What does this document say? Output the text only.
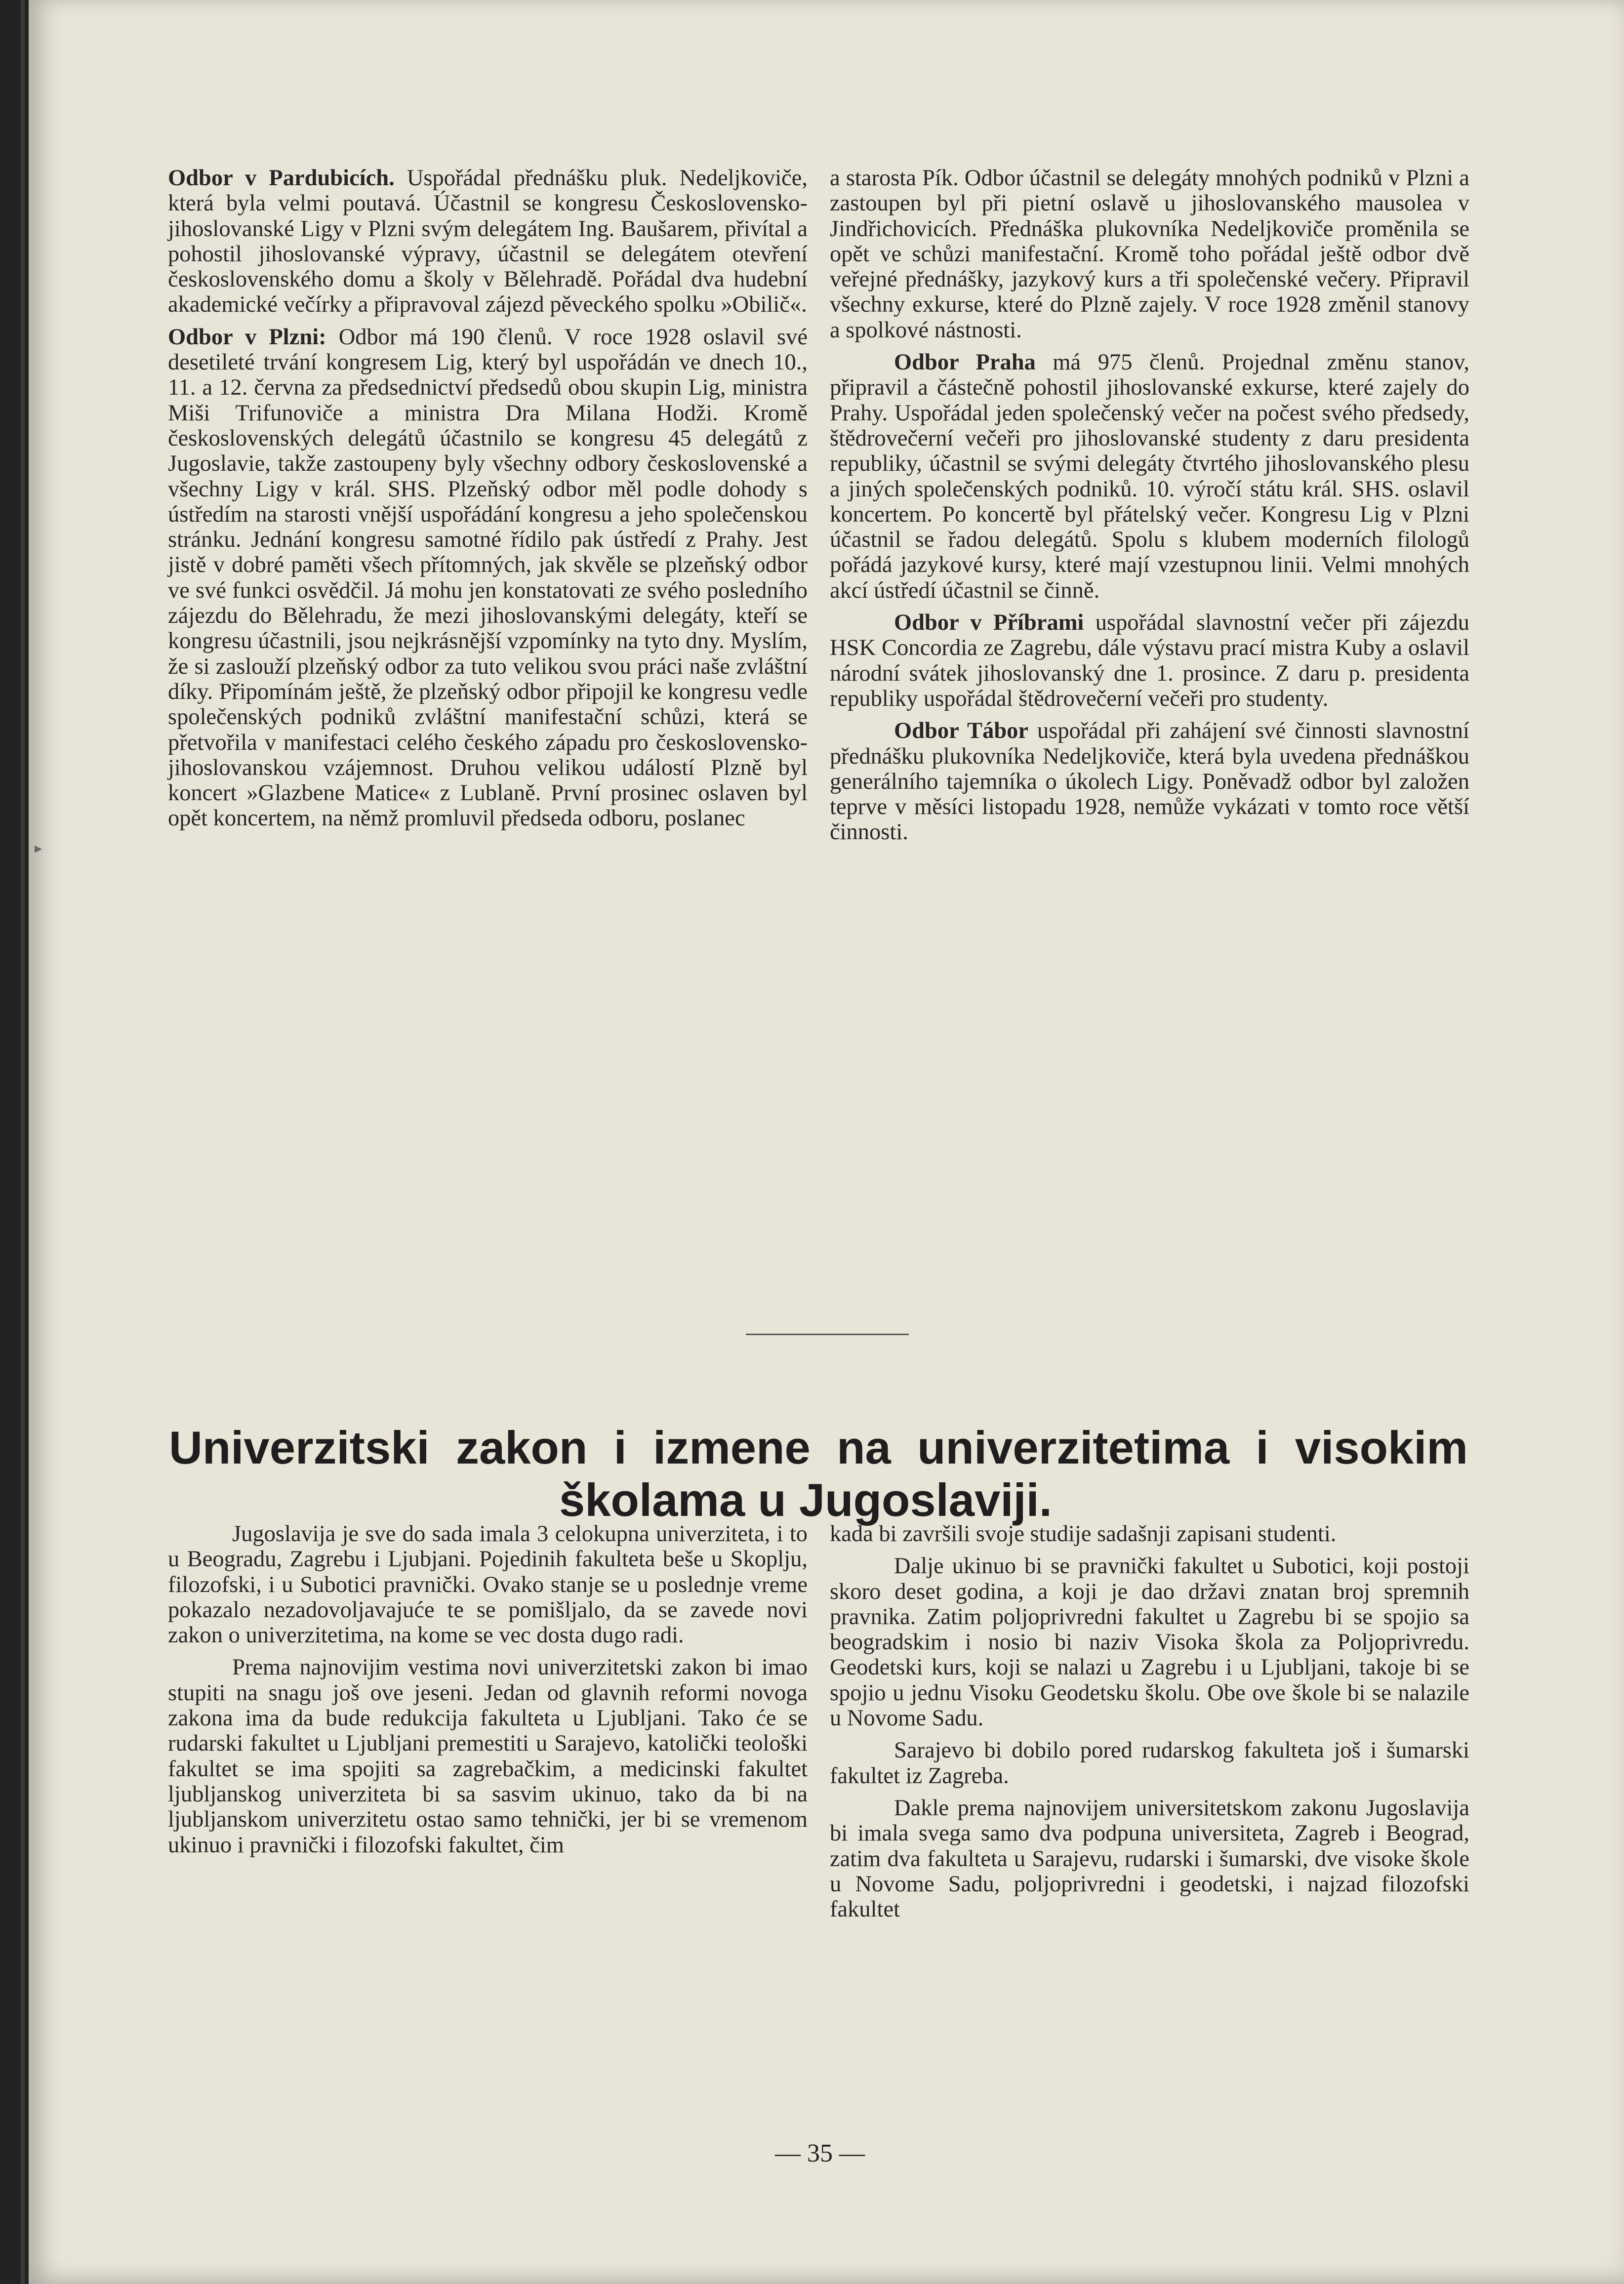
▸

Odbor v Pardubicích. Uspořádal přednášku pluk. Nedeljkoviče, která byla velmi poutavá. Účastnil se kongresu Československo-jihoslovanské Ligy v Plzni svým delegátem Ing. Baušarem, přivítal a pohostil jihoslovanské výpravy, účastnil se delegátem otevření československého domu a školy v Bělehradě. Pořádal dva hudební akademické večírky a připravoval zájezd pěveckého spolku »Obilič«.

Odbor v Plzni: Odbor má 190 členů. V roce 1928 oslavil své desetileté trvání kongresem Lig, který byl uspořádán ve dnech 10., 11. a 12. června za předsednictví předsedů obou skupin Lig, ministra Miši Trifunoviče a ministra Dra Milana Hodži. Kromě československých delegátů účastnilo se kongresu 45 delegátů z Jugoslavie, takže zastoupeny byly všechny odbory československé a všechny Ligy v král. SHS. Plzeňský odbor měl podle dohody s ústředím na starosti vnější uspořádání kongresu a jeho společenskou stránku. Jednání kongresu samotné řídilo pak ústředí z Prahy. Jest jistě v dobré paměti všech přítomných, jak skvěle se plzeňský odbor ve své funkci osvědčil. Já mohu jen konstatovati ze svého posledního zájezdu do Bělehradu, že mezi jihoslovanskými delegáty, kteří se kongresu účastnili, jsou nejkrásnější vzpomínky na tyto dny. Myslím, že si zaslouží plzeňský odbor za tuto velikou svou práci naše zvláštní díky. Připomínám ještě, že plzeňský odbor připojil ke kongresu vedle společenských podniků zvláštní manifestační schůzi, která se přetvořila v manifestaci celého českého západu pro československo-jihoslovanskou vzájemnost. Druhou velikou událostí Plzně byl koncert »Glazbene Matice« z Lublaně. První prosinec oslaven byl opět koncertem, na němž promluvil předseda odboru, poslanec

a starosta Pík. Odbor účastnil se delegáty mnohých podniků v Plzni a zastoupen byl při pietní oslavě u jihoslovanského mausolea v Jindřichovicích. Přednáška plukovníka Nedeljkoviče proměnila se opět ve schůzi manifestační. Kromě toho pořádal ještě odbor dvě veřejné přednášky, jazykový kurs a tři společenské večery. Připravil všechny exkurse, které do Plzně zajely. V roce 1928 změnil stanovy a spolkové nástnosti.

Odbor Praha má 975 členů. Projednal změnu stanov, připravil a částečně pohostil jihoslovanské exkurse, které zajely do Prahy. Uspořádal jeden společenský večer na počest svého předsedy, štědrovečerní večeři pro jihoslovanské studenty z daru presidenta republiky, účastnil se svými delegáty čtvrtého jihoslovanského plesu a jiných společenských podniků. 10. výročí státu král. SHS. oslavil koncertem. Po koncertě byl přátelský večer. Kongresu Lig v Plzni účastnil se řadou delegátů. Spolu s klubem moderních filologů pořádá jazykové kursy, které mají vzestupnou linii. Velmi mnohých akcí ústředí účastnil se činně.

Odbor v Příbrami uspořádal slavnostní večer při zájezdu HSK Concordia ze Zagrebu, dále výstavu prací mistra Kuby a oslavil národní svátek jihoslovanský dne 1. prosince. Z daru p. presidenta republiky uspořádal štědrovečerní večeři pro studenty.

Odbor Tábor uspořádal při zahájení své činnosti slavnostní přednášku plukovníka Nedeljkoviče, která byla uvedena přednáškou generálního tajemníka o úkolech Ligy. Poněvadž odbor byl založen teprve v měsíci listopadu 1928, nemůže vykázati v tomto roce větší činnosti.

Univerzitski zakon i izmene na univerzitetima i visokim
školama u Jugoslaviji.

Jugoslavija je sve do sada imala 3 celokupna univerziteta, i to u Beogradu, Zagrebu i Ljubjani. Pojedinih fakulteta beše u Skoplju, filozofski, i u Subotici pravnički. Ovako stanje se u poslednje vreme pokazalo nezadovoljavajuće te se pomišljalo, da se zavede novi zakon o univerzitetima, na kome se vec dosta dugo radi.

Prema najnovijim vestima novi univerzitetski zakon bi imao stupiti na snagu još ove jeseni. Jedan od glavnih reformi novoga zakona ima da bude redukcija fakulteta u Ljubljani. Tako će se rudarski fakultet u Ljubljani premestiti u Sarajevo, katolički teološki fakultet se ima spojiti sa zagrebačkim, a medicinski fakultet ljubljanskog univerziteta bi sa sasvim ukinuo, tako da bi na ljubljanskom univerzitetu ostao samo tehnički, jer bi se vremenom ukinuo i pravnički i filozofski fakultet, čim

kada bi završili svoje studije sadašnji zapisani studenti.

Dalje ukinuo bi se pravnički fakultet u Subotici, koji postoji skoro deset godina, a koji je dao državi znatan broj spremnih pravnika. Zatim poljoprivredni fakultet u Zagrebu bi se spojio sa beogradskim i nosio bi naziv Visoka škola za Poljoprivredu. Geodetski kurs, koji se nalazi u Zagrebu i u Ljubljani, takoje bi se spojio u jednu Visoku Geodetsku školu. Obe ove škole bi se nalazile u Novome Sadu.

Sarajevo bi dobilo pored rudarskog fakulteta još i šumarski fakultet iz Zagreba.

Dakle prema najnovijem universitetskom zakonu Jugoslavija bi imala svega samo dva podpuna universiteta, Zagreb i Beograd, zatim dva fakulteta u Sarajevu, rudarski i šumarski, dve visoke škole u Novome Sadu, poljoprivredni i geodetski, i najzad filozofski fakultet

— 35 —
